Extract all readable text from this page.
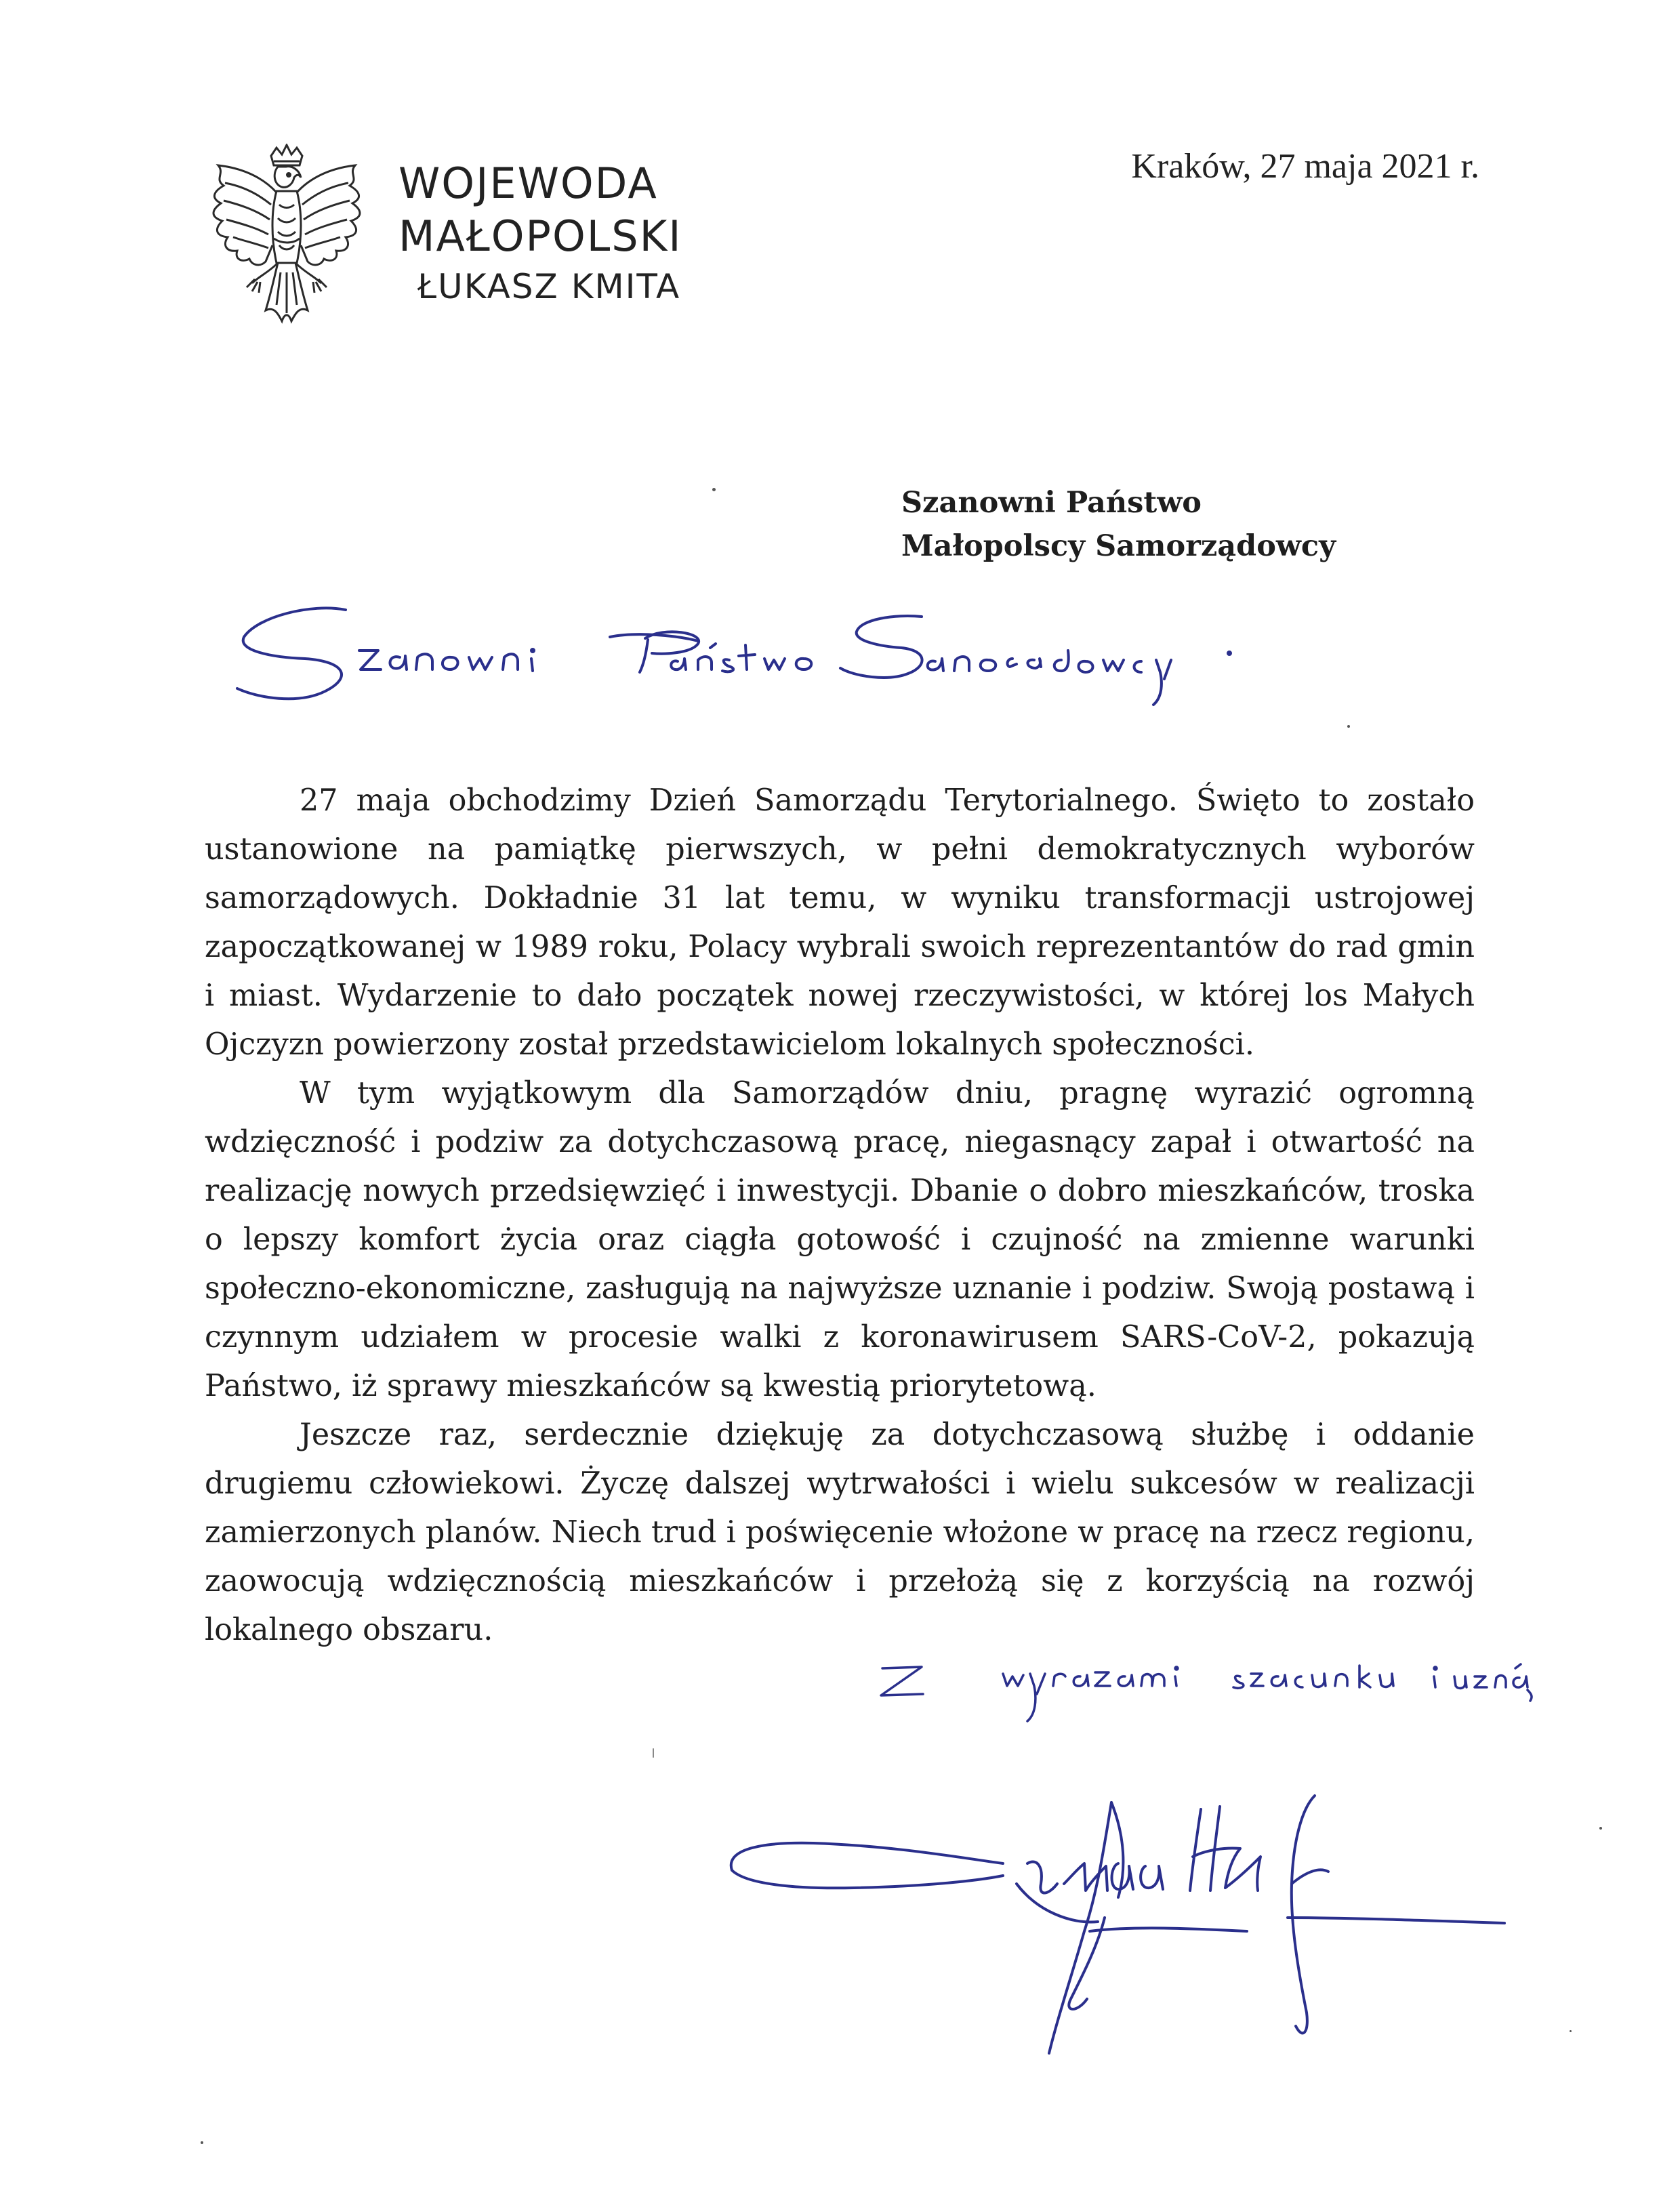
WOJEWODA
MAŁOPOLSKI
ŁUKASZ KMITA
Kraków, 27 maja 2021 r.
Szanowni Państwo
Małopolscy Samorządowcy

27 maja obchodzimy Dzień Samorządu Terytorialnego. Święto to zostało ustanowione na pamiątkę pierwszych, w pełni demokratycznych wyborów samorządowych. Dokładnie 31 lat temu, w wyniku transformacji ustrojowej zapoczątkowanej w 1989 roku, Polacy wybrali swoich reprezentantów do rad gmin i miast. Wydarzenie to dało początek nowej rzeczywistości, w której los Małych Ojczyzn powierzony został przedstawicielom lokalnych społeczności.

W tym wyjątkowym dla Samorządów dniu, pragnę wyrazić ogromną wdzięczność i podziw za dotychczasową pracę, niegasnący zapał i otwartość na realizację nowych przedsięwzięć i inwestycji. Dbanie o dobro mieszkańców, troska o lepszy komfort życia oraz ciągła gotowość i czujność na zmienne warunki społeczno-ekonomiczne, zasługują na najwyższe uznanie i podziw. Swoją postawą i czynnym udziałem w procesie walki z koronawirusem SARS-CoV-2, pokazują Państwo, iż sprawy mieszkańców są kwestią priorytetową.

Jeszcze raz, serdecznie dziękuję za dotychczasową służbę i oddanie drugiemu człowiekowi. Życzę dalszej wytrwałości i wielu sukcesów w realizacji zamierzonych planów. Niech trud i poświęcenie włożone w pracę na rzecz regionu, zaowocują wdzięcznością mieszkańców i przełożą się z korzyścią na rozwój lokalnego obszaru.
